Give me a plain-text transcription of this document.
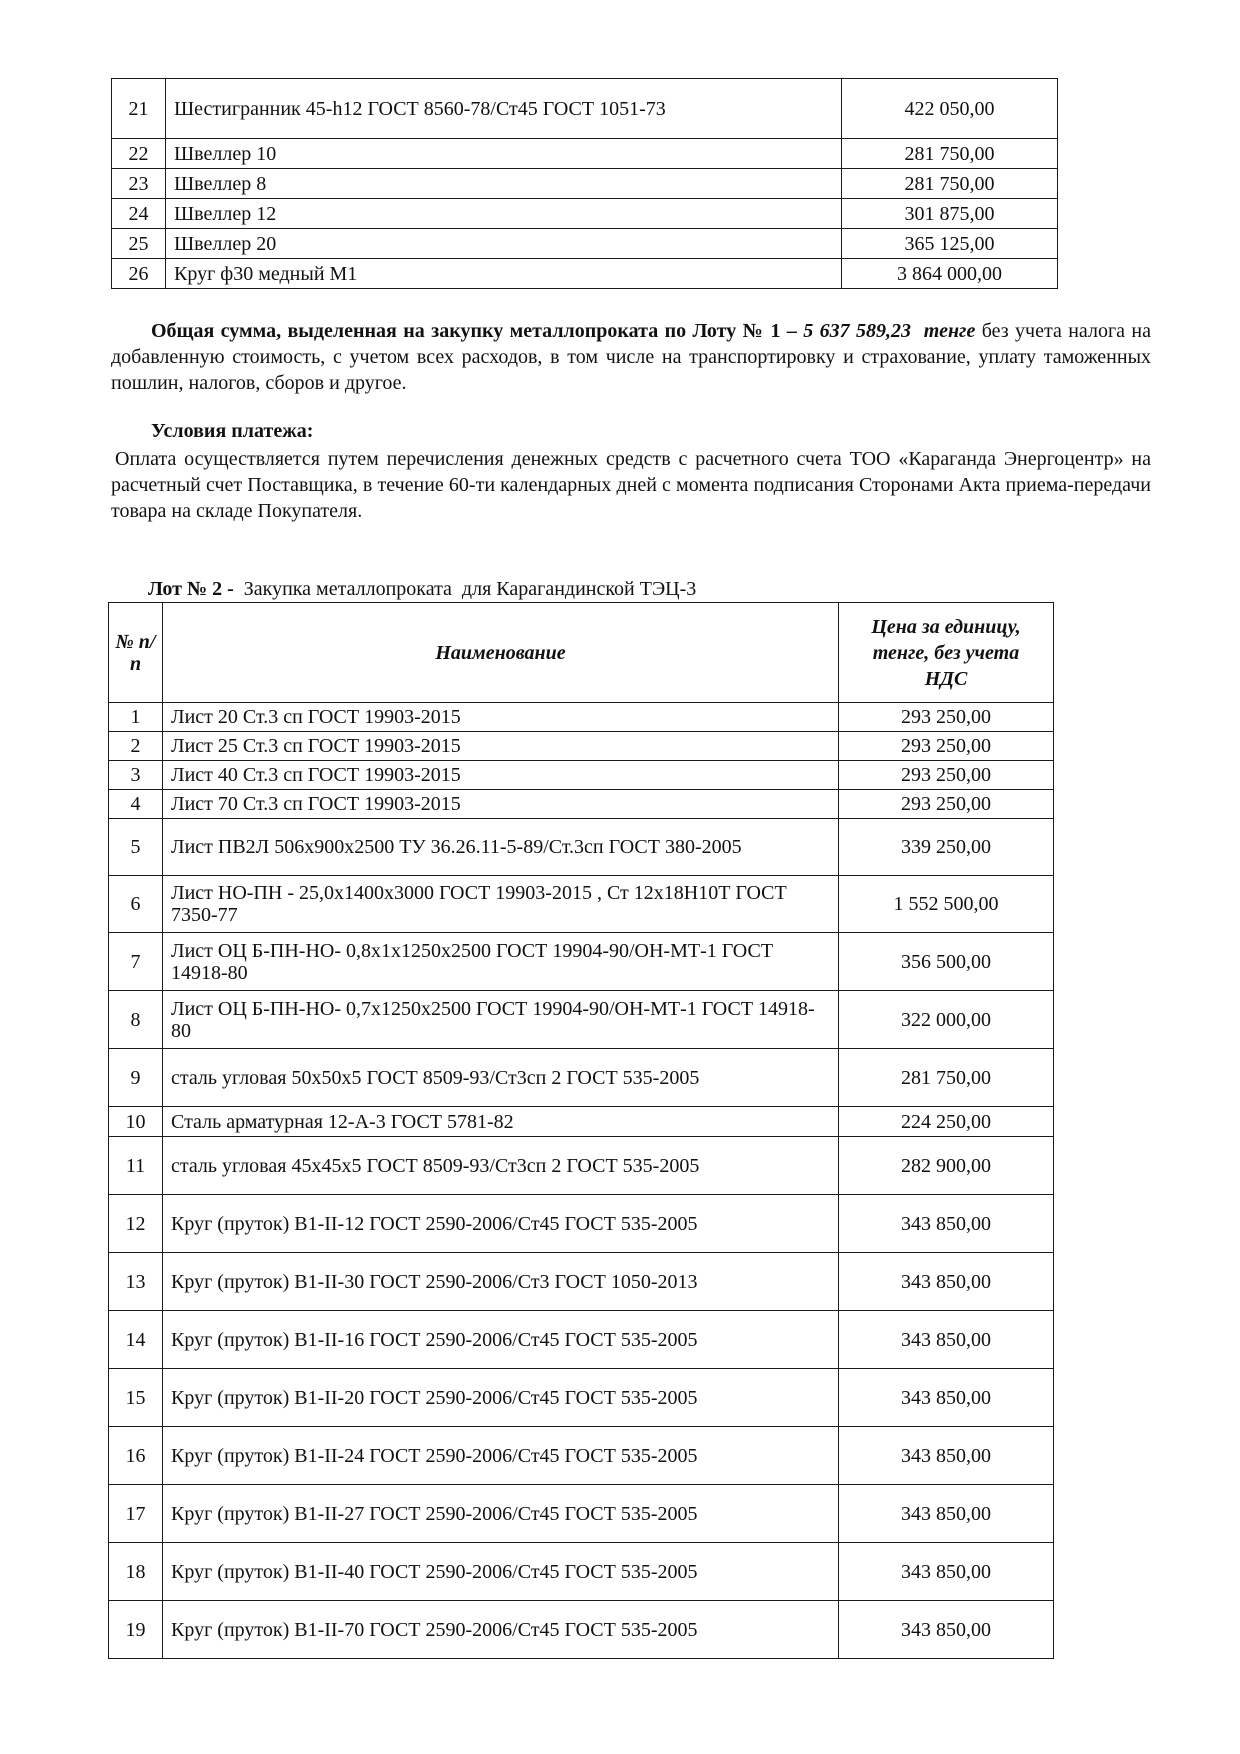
21	Шестигранник 45-h12 ГОСТ 8560-78/Ст45 ГОСТ 1051-73	422 050,00
22	Швеллер 10	281 750,00
23	Швеллер 8	281 750,00
24	Швеллер 12	301 875,00
25	Швеллер 20	365 125,00
26	Круг ф30 медный М1	3 864 000,00
Общая сумма, выделенная на закупку металлопроката по Лоту № 1 – 5 637 589,23 тенге без учета налога на добавленную стоимость, с учетом всех расходов, в том числе на транспортировку и страхование, уплату таможенных пошлин, налогов, сборов и другое.
Условия платежа:
Оплата осуществляется путем перечисления денежных средств с расчетного счета ТОО «Караганда Энергоцентр» на расчетный счет Поставщика, в течение 60-ти календарных дней с момента подписания Сторонами Акта приема-передачи товара на складе Покупателя.
Лот № 2 -  Закупка металлопроката  для Карагандинской ТЭЦ-3
№ п/п	Наименование	Цена за единицу, тенге, без учета НДС
1	Лист 20 Ст.3 сп ГОСТ 19903-2015	293 250,00
2	Лист 25 Ст.3 сп ГОСТ 19903-2015	293 250,00
3	Лист 40 Ст.3 сп ГОСТ 19903-2015	293 250,00
4	Лист 70 Ст.3 сп ГОСТ 19903-2015	293 250,00
5	Лист ПВ2Л 506х900х2500 ТУ 36.26.11-5-89/Ст.3сп ГОСТ 380-2005	339 250,00
6	Лист НО-ПН - 25,0х1400х3000 ГОСТ 19903-2015 , Ст 12х18Н10Т ГОСТ 7350-77	1 552 500,00
7	Лист ОЦ Б-ПН-НО- 0,8х1х1250х2500 ГОСТ 19904-90/ОН-МТ-1 ГОСТ 14918-80	356 500,00
8	Лист ОЦ Б-ПН-НО- 0,7х1250х2500 ГОСТ 19904-90/ОН-МТ-1 ГОСТ 14918-80	322 000,00
9	сталь угловая 50х50х5 ГОСТ 8509-93/Ст3сп 2 ГОСТ 535-2005	281 750,00
10	Сталь арматурная 12-А-3 ГОСТ 5781-82	224 250,00
11	сталь угловая 45х45х5 ГОСТ 8509-93/Ст3сп 2 ГОСТ 535-2005	282 900,00
12	Круг (пруток) В1-II-12 ГОСТ 2590-2006/Ст45 ГОСТ 535-2005	343 850,00
13	Круг (пруток) В1-II-30 ГОСТ 2590-2006/Ст3 ГОСТ 1050-2013	343 850,00
14	Круг (пруток) В1-II-16 ГОСТ 2590-2006/Ст45 ГОСТ 535-2005	343 850,00
15	Круг (пруток) В1-II-20 ГОСТ 2590-2006/Ст45 ГОСТ 535-2005	343 850,00
16	Круг (пруток) В1-II-24 ГОСТ 2590-2006/Ст45 ГОСТ 535-2005	343 850,00
17	Круг (пруток) В1-II-27 ГОСТ 2590-2006/Ст45 ГОСТ 535-2005	343 850,00
18	Круг (пруток) В1-II-40 ГОСТ 2590-2006/Ст45 ГОСТ 535-2005	343 850,00
19	Круг (пруток) В1-II-70 ГОСТ 2590-2006/Ст45 ГОСТ 535-2005	343 850,00
